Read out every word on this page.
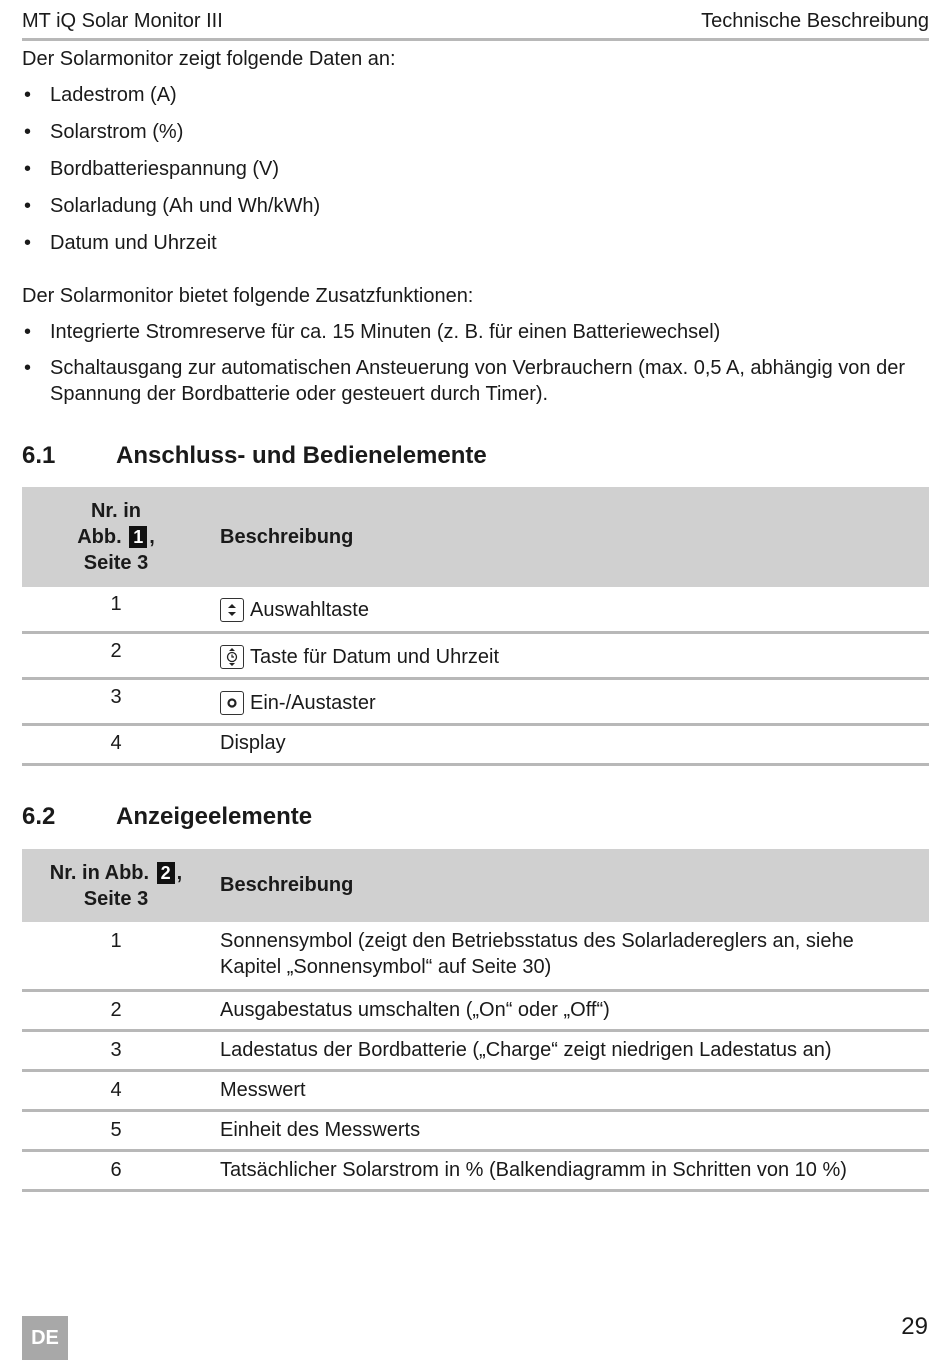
MT iQ Solar Monitor III	Technische Beschreibung
Der Solarmonitor zeigt folgende Daten an:
• Ladestrom (A)
• Solarstrom (%)
• Bordbatteriespannung (V)
• Solarladung (Ah und Wh/kWh)
• Datum und Uhrzeit
Der Solarmonitor bietet folgende Zusatzfunktionen:
• Integrierte Stromreserve für ca. 15 Minuten (z. B. für einen Batteriewechsel)
• Schaltausgang zur automatischen Ansteuerung von Verbrauchern (max. 0,5 A, abhängig von der Spannung der Bordbatterie oder gesteuert durch Timer).
6.1	Anschluss- und Bedienelemente
Nr. in
Abb. 1 ,
Seite 3	Beschreibung
1	Auswahltaste
2	Taste für Datum und Uhrzeit
3	Ein-/Austaster
4	Display
6.2	Anzeigeelemente
Nr. in Abb. 2 ,
Seite 3	Beschreibung
1	Sonnensymbol (zeigt den Betriebsstatus des Solarladereglers an, siehe Kapitel „Sonnensymbol“ auf Seite 30)
2	Ausgabestatus umschalten („On“ oder „Off“)
3	Ladestatus der Bordbatterie („Charge“ zeigt niedrigen Ladestatus an)
4	Messwert
5	Einheit des Messwerts
6	Tatsächlicher Solarstrom in % (Balkendiagramm in Schritten von 10 %)
DE	29
